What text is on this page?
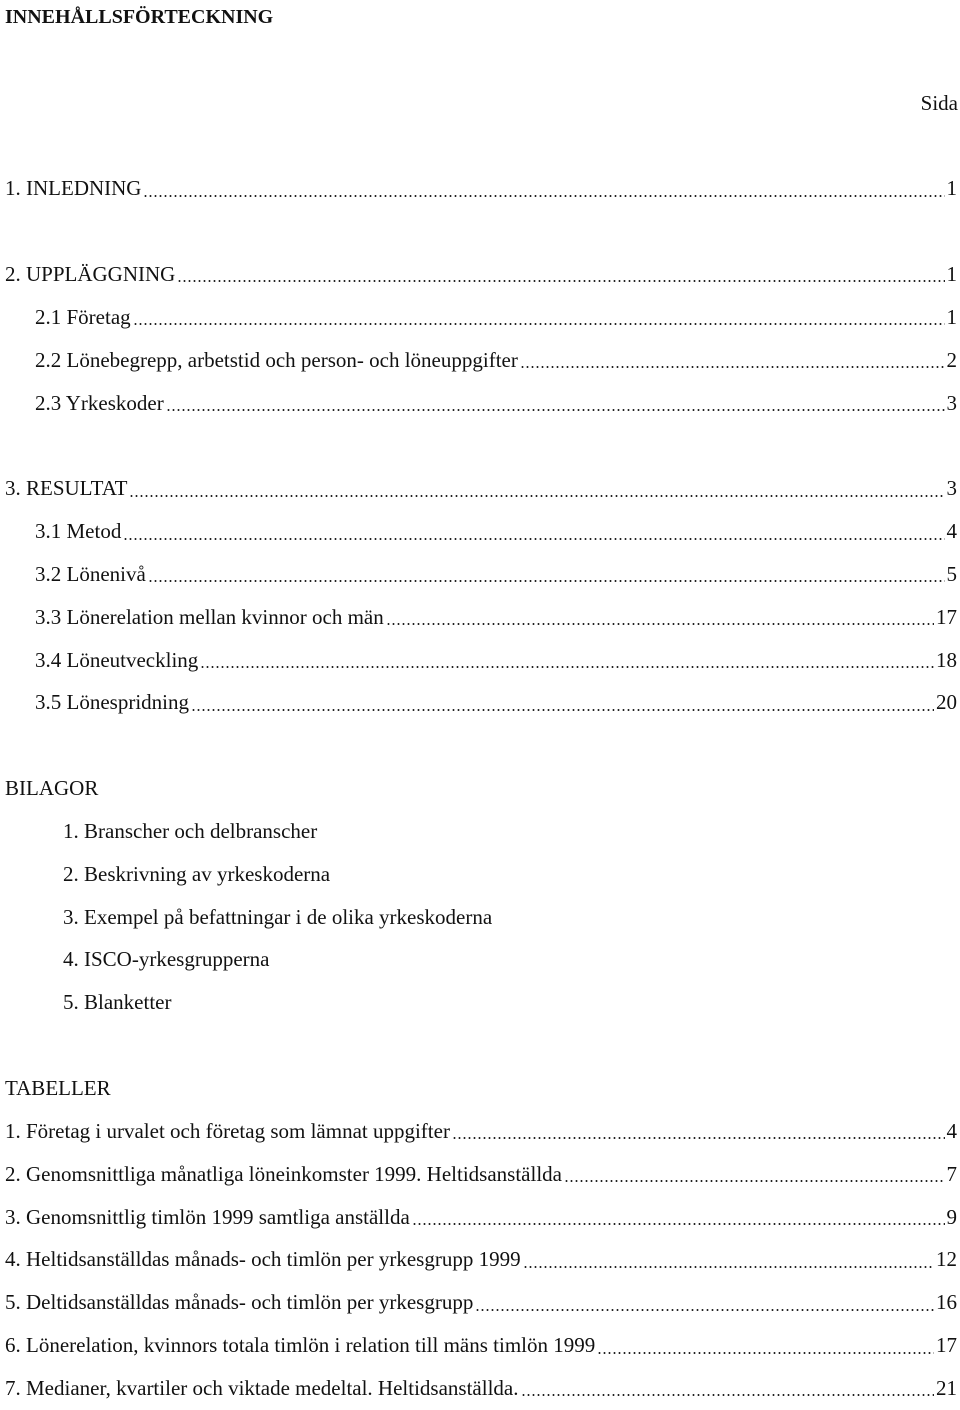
INNEHÅLLSFÖRTECKNING
Sida
1. INLEDNING	1
2. UPPLÄGGNING	1
2.1 Företag	1
2.2 Lönebegrepp, arbetstid och person- och löneuppgifter	2
2.3 Yrkeskoder	3
3. RESULTAT	3
3.1 Metod	4
3.2 Lönenivå	5
3.3 Lönerelation mellan kvinnor och män	17
3.4 Löneutveckling	18
3.5 Lönespridning	20
BILAGOR
1. Branscher och delbranscher
2. Beskrivning av yrkeskoderna
3. Exempel på befattningar i de olika yrkeskoderna
4. ISCO-yrkesgrupperna
5. Blanketter
TABELLER
1. Företag i urvalet och företag som lämnat uppgifter	4
2. Genomsnittliga månatliga löneinkomster 1999. Heltidsanställda	7
3. Genomsnittlig timlön 1999 samtliga anställda	9
4. Heltidsanställdas månads- och timlön per yrkesgrupp 1999	12
5. Deltidsanställdas månads- och timlön per yrkesgrupp	16
6. Lönerelation, kvinnors totala timlön i relation till mäns timlön 1999	17
7. Medianer, kvartiler och viktade medeltal. Heltidsanställda.	21
